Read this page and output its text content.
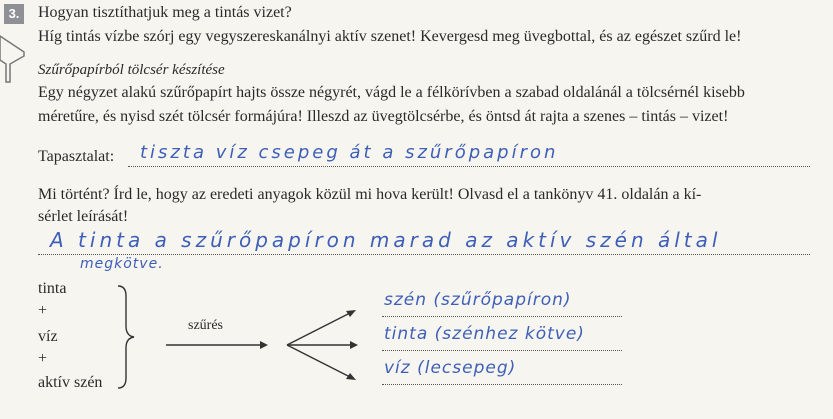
3. Hogyan tisztíthatjuk meg a tintás vizet?
Híg tintás vízbe szórj egy vegyszereskanálnyi aktív szenet! Kevergesd meg üvegbottal, és az egészet szűrd le!
Szűrőpapírból tölcsér készítése
Egy négyzet alakú szűrőpapírt hajts össze négyrét, vágd le a félkörívben a szabad oldalánál a tölcsérnél kisebb
méretűre, és nyisd szét tölcsér formájúra! Illeszd az üvegtölcsérbe, és öntsd át rajta a szenes – tintás – vizet!
Tapasztalat: tiszta víz csepeg át a szűrőpapíron
Mi történt? Írd le, hogy az eredeti anyagok közül mi hova került! Olvasd el a tankönyv 41. oldalán a kí-
sérlet leírását!
A tinta a szűrőpapíron marad az aktív szén által
megkötve.
tinta
+
víz
+
aktív szén
szűrés
szén (szűrőpapíron)
tinta (szénhez kötve)
víz (lecsepeg)
